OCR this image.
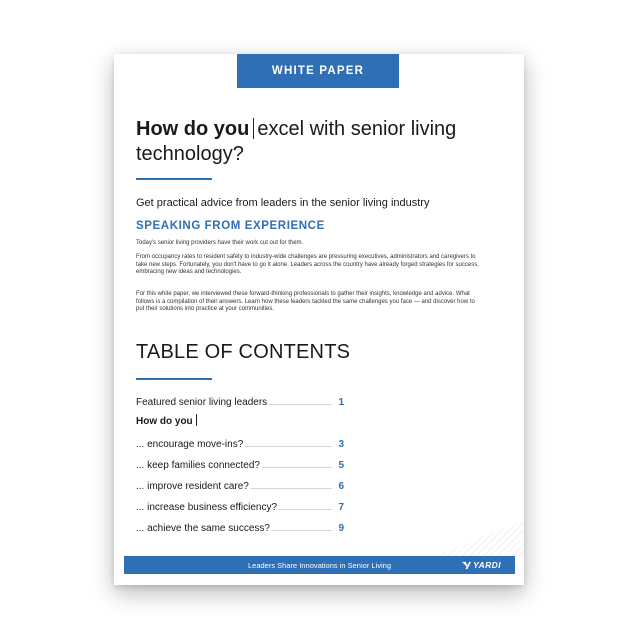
WHITE PAPER
How do you excel with senior living technology?
Get practical advice from leaders in the senior living industry
SPEAKING FROM EXPERIENCE

Today's senior living providers have their work cut out for them.

From occupancy rates to resident safety to industry-wide challenges are pressuring executives, administrators and caregivers to take new steps. Fortunately, you don't have to go it alone. Leaders across the country have already forged strategies for success, embracing new ideas and technologies.

For this white paper, we interviewed these forward-thinking professionals to gather their insights, knowledge and advice. What follows is a compilation of their answers. Learn how these leaders tackled the same challenges you face — and discover how to put their solutions into practice at your communities.

TABLE OF CONTENTS
Featured senior living leaders	1
How do you
... encourage move-ins?	3
... keep families connected?	5
... improve resident care?	6
... increase business efficiency?	7
... achieve the same success?	9
Leaders Share Innovations in Senior Living	YARDI
